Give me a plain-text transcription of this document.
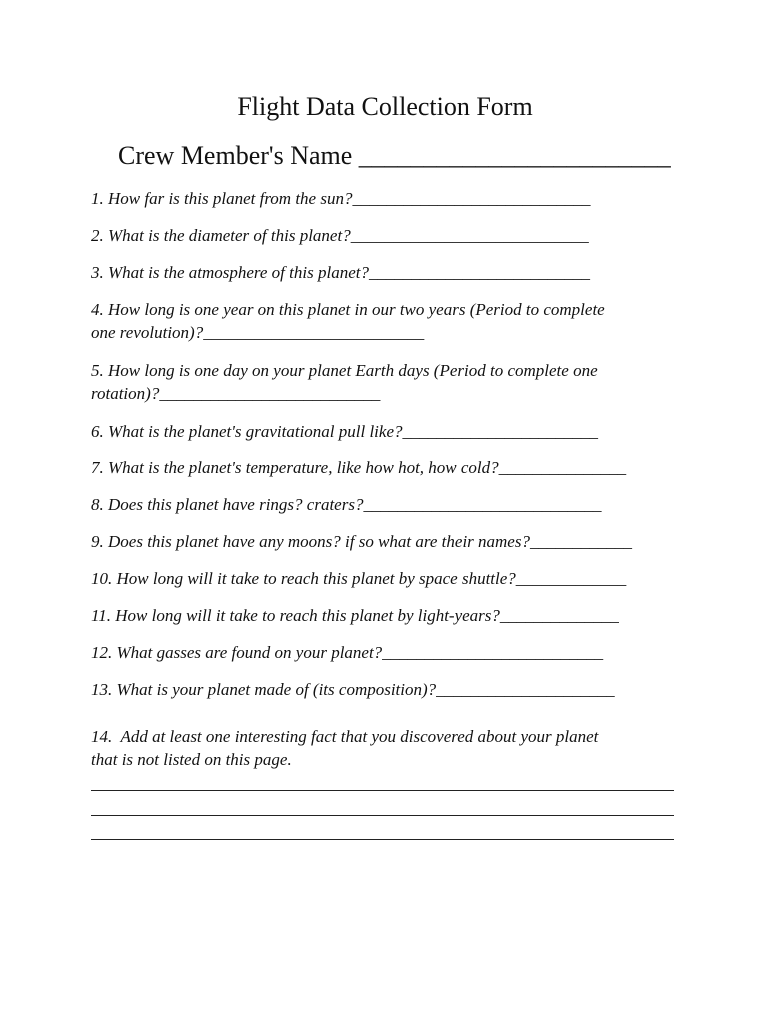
Flight Data Collection Form
Crew Member's Name ________________________
1. How far is this planet from the sun?____________________________
2. What is the diameter of this planet?____________________________
3. What is the atmosphere of this planet?__________________________
4. How long is one year on this planet in our two years (Period to complete
one revolution)?__________________________
5. How long is one day on your planet Earth days (Period to complete one
rotation)?__________________________
6. What is the planet's gravitational pull like?_______________________
7. What is the planet's temperature, like how hot, how cold?_______________
8. Does this planet have rings? craters?____________________________
9. Does this planet have any moons? if so what are their names?____________
10. How long will it take to reach this planet by space shuttle?_____________
11. How long will it take to reach this planet by light-years?______________
12. What gasses are found on your planet?__________________________
13. What is your planet made of (its composition)?_____________________
14.  Add at least one interesting fact that you discovered about your planet
that is not listed on this page.
